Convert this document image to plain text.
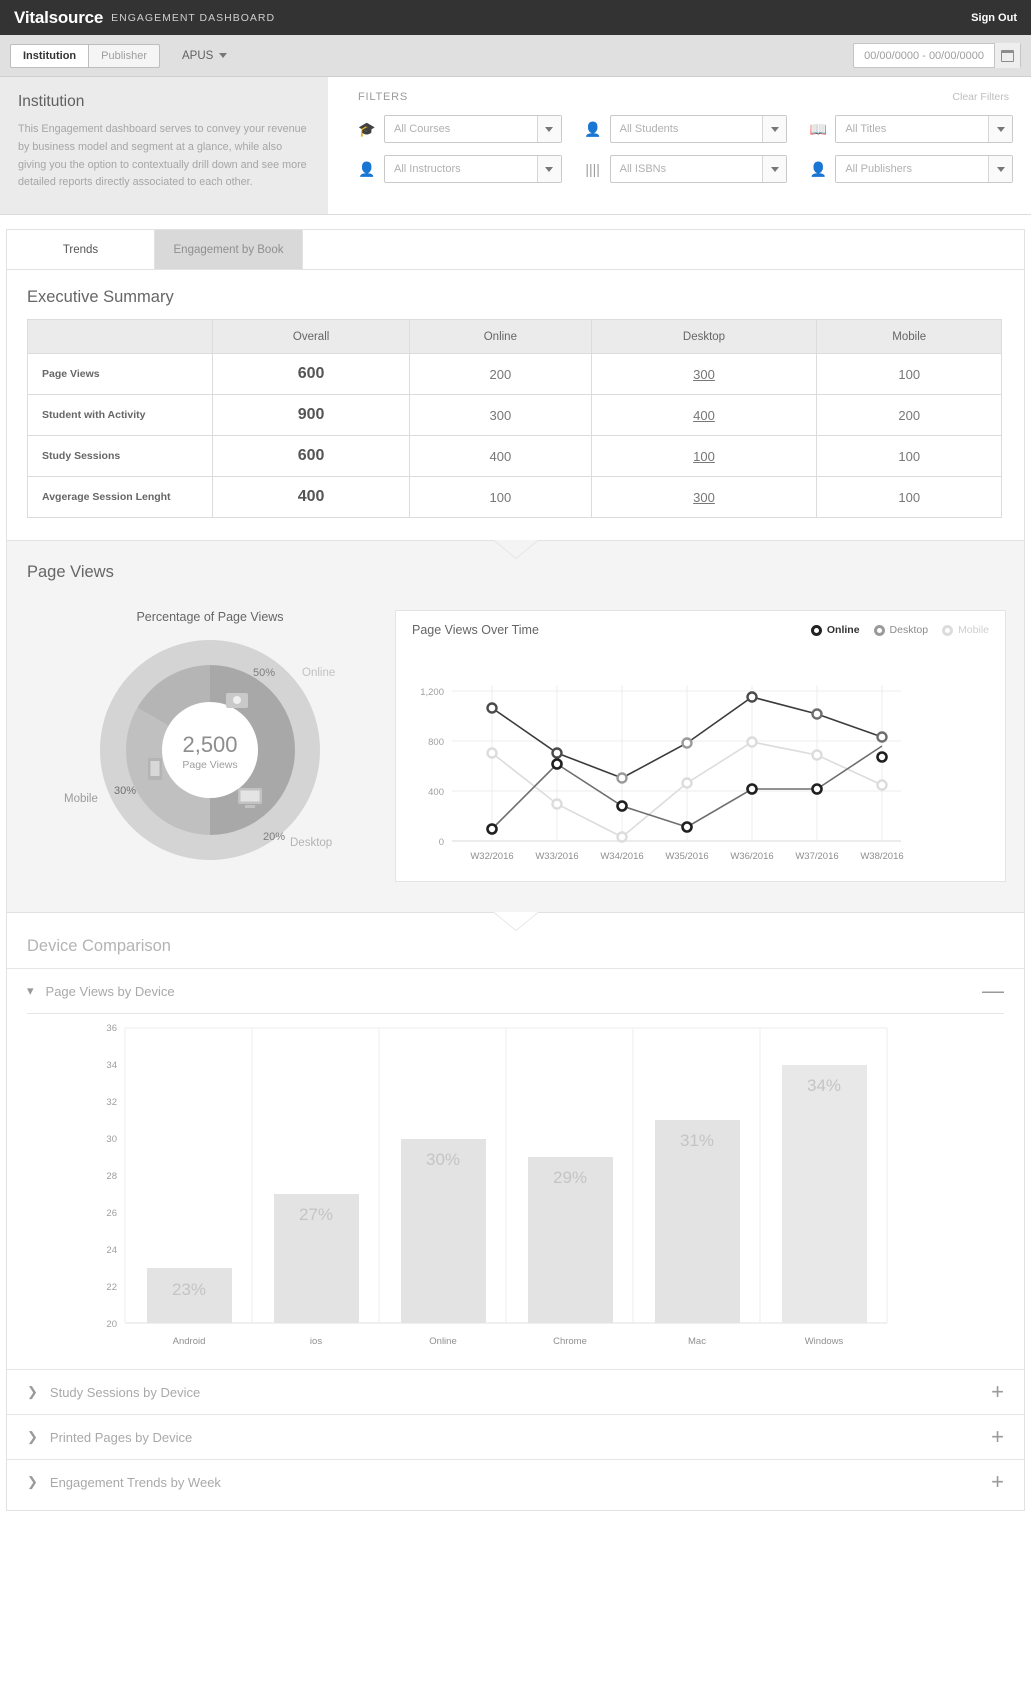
Vitalsource ENGAGEMENT DASHBOARD	Sign Out
Institution	Publisher	APUS	00/00/0000 - 00/00/0000
Institution

This Engagement dashboard serves to convey your revenue by business model and segment at a glance, while also giving you the option to contextually drill down and see more detailed reports directly associated to each other.

FILTERS	Clear Filters
🎓 All Courses	👤 All Students	📖 All Titles
👤 All Instructors	|||| All ISBNs	👤 All Publishers
Trends	Engagement by Book
Executive Summary
	Overall	Online	Desktop	Mobile
Page Views	600	200	300	100
Student with Activity	900	300	400	200
Study Sessions	600	400	100	100
Avgerage Session Lenght	400	100	300	100
Page Views
Percentage of Page Views
2,500
Page Views
50%
30%
20%
Online
Mobile
Desktop
Page Views Over Time	Online	Desktop	Mobile
1,200
800
400
0
W32/2016 W33/2016 W34/2016 W35/2016 W36/2016 W37/2016 W38/2016
Device Comparison
▾ Page Views by Device	—
36
34
32
30
28
26
24
22
20
23%
27%
30%
29%
31%
34%
Android	ios	Online	Chrome	Mac	Windows
❯ Study Sessions by Device	+
❯ Printed Pages by Device	+
❯ Engagement Trends by Week	+
